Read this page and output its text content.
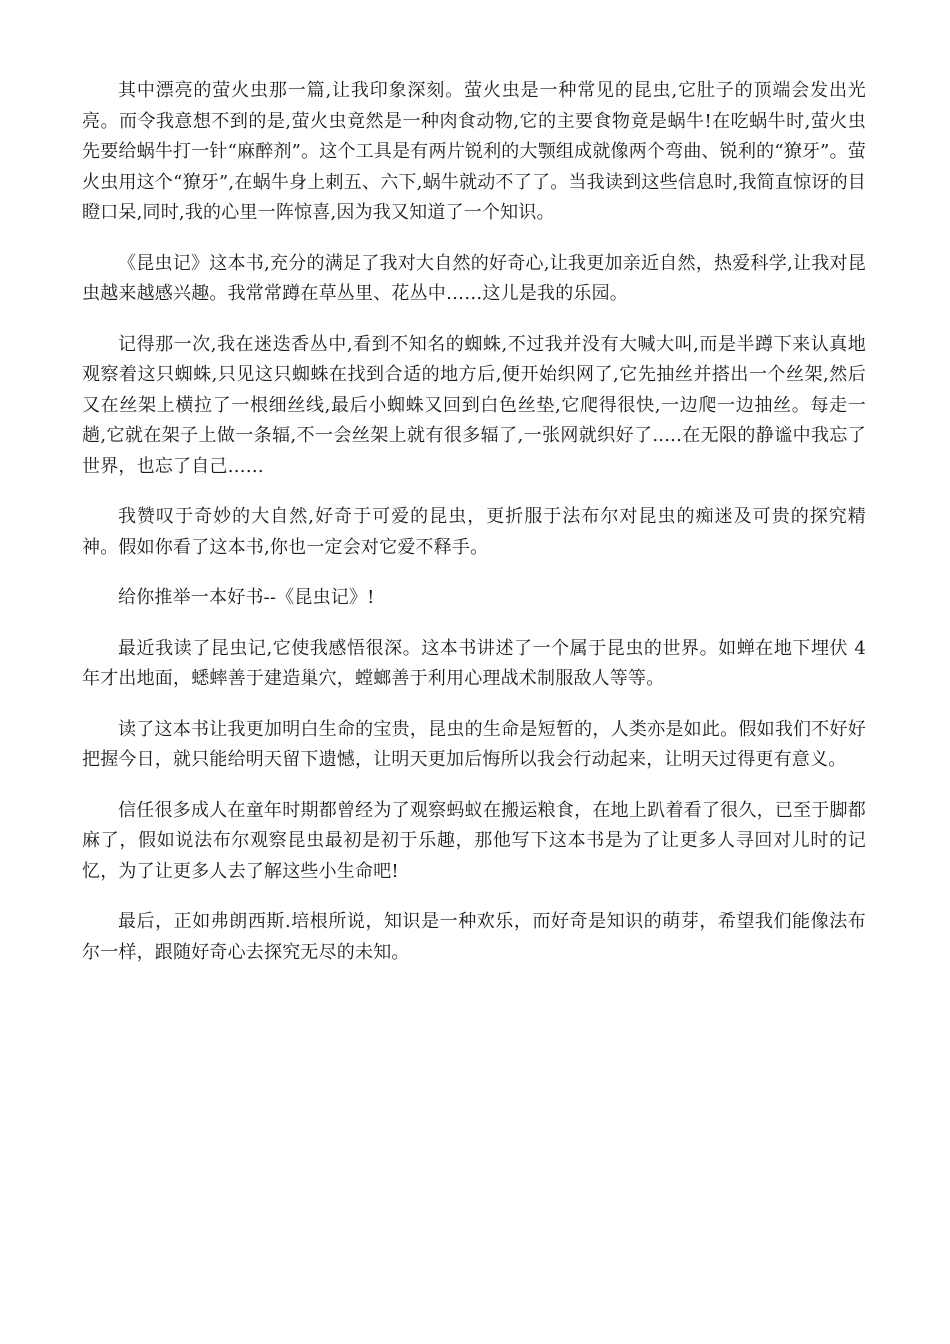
其中漂亮的萤火虫那一篇,让我印象深刻。萤火虫是一种常见的昆虫,它肚子的顶端会发出光亮。而令我意想不到的是,萤火虫竟然是一种肉食动物,它的主要食物竟是蜗牛!在吃蜗牛时,萤火虫先要给蜗牛打一针“麻醉剂”。这个工具是有两片锐利的大颚组成就像两个弯曲、锐利的“獠牙”。萤火虫用这个“獠牙”,在蜗牛身上刺五、六下,蜗牛就动不了了。当我读到这些信息时,我简直惊讶的目瞪口呆,同时,我的心里一阵惊喜,因为我又知道了一个知识。

《昆虫记》这本书,充分的满足了我对大自然的好奇心,让我更加亲近自然，热爱科学,让我对昆虫越来越感兴趣。我常常蹲在草丛里、花丛中……这儿是我的乐园。

记得那一次,我在迷迭香丛中,看到不知名的蜘蛛,不过我并没有大喊大叫,而是半蹲下来认真地观察着这只蜘蛛,只见这只蜘蛛在找到合适的地方后,便开始织网了,它先抽丝并搭出一个丝架,然后又在丝架上横拉了一根细丝线,最后小蜘蛛又回到白色丝垫,它爬得很快,一边爬一边抽丝。每走一趟,它就在架子上做一条辐,不一会丝架上就有很多辐了,一张网就织好了.....在无限的静谧中我忘了世界，也忘了自己……

我赞叹于奇妙的大自然,好奇于可爱的昆虫，更折服于法布尔对昆虫的痴迷及可贵的探究精神。假如你看了这本书,你也一定会对它爱不释手。

给你推举一本好书--《昆虫记》!

最近我读了昆虫记,它使我感悟很深。这本书讲述了一个属于昆虫的世界。如蝉在地下埋伏 4 年才出地面，蟋蟀善于建造巢穴，螳螂善于利用心理战术制服敌人等等。

读了这本书让我更加明白生命的宝贵，昆虫的生命是短暂的，人类亦是如此。假如我们不好好把握今日，就只能给明天留下遗憾，让明天更加后悔所以我会行动起来，让明天过得更有意义。

信任很多成人在童年时期都曾经为了观察蚂蚁在搬运粮食，在地上趴着看了很久，已至于脚都麻了，假如说法布尔观察昆虫最初是初于乐趣，那他写下这本书是为了让更多人寻回对儿时的记忆，为了让更多人去了解这些小生命吧!

最后，正如弗朗西斯.培根所说，知识是一种欢乐，而好奇是知识的萌芽，希望我们能像法布尔一样，跟随好奇心去探究无尽的未知。
